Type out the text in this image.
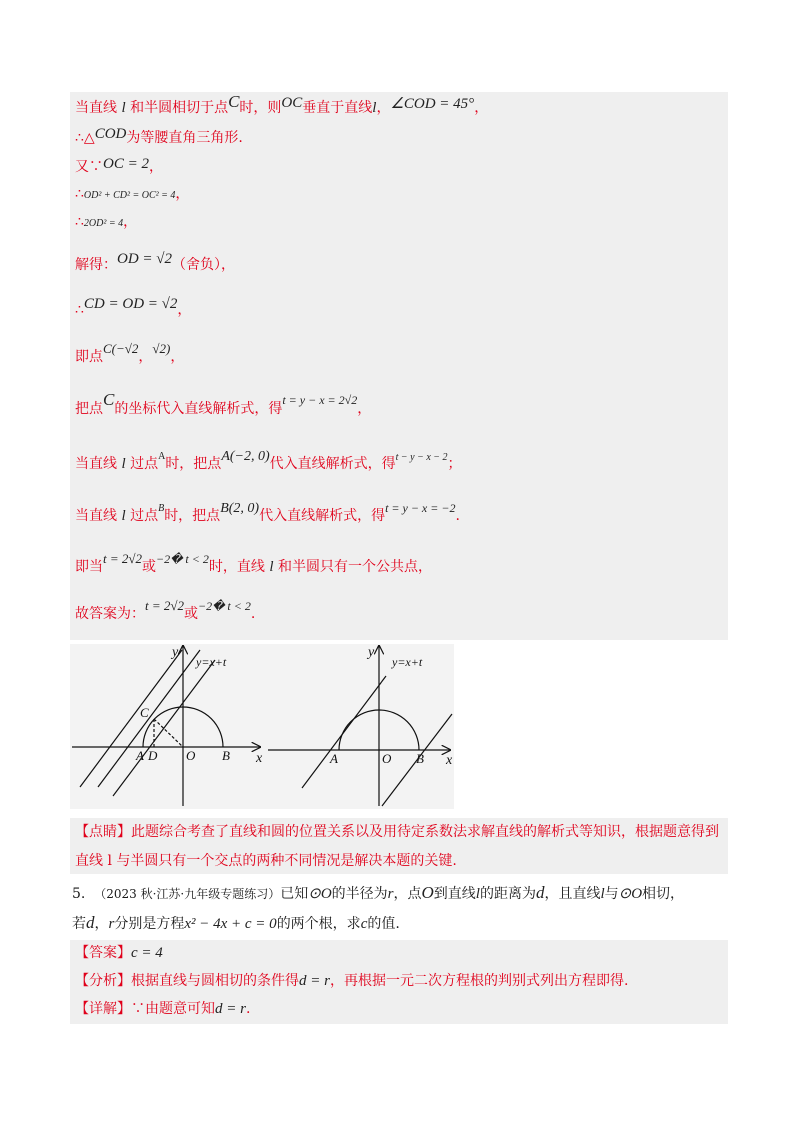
当直线 l 和半圆相切于点C时，则OC垂直于直线l，∠COD = 45°，
∴△COD为等腰直角三角形.
又∵OC = 2，
∴OD² + CD² = OC² = 4，
∴2OD² = 4，
解得：OD = √2（舍负），
∴CD = OD = √2，
即点C(−√2，√2)，
把点C的坐标代入直线解析式，得t = y − x = 2√2，
当直线 l 过点$^A$时，把点A(−2, 0)代入直线解析式，得$^{t - y - x - 2}$；
当直线 l 过点$^B$时，把点B(2, 0)代入直线解析式，得t = y − x = −2.
即当t = 2√2或−2� t < 2时，直线 l 和半圆只有一个公共点，
故答案为：t = 2√2或−2� t < 2.
y
x
y=x+t
A D O B
C
y
x
y=x+t
A	O B
【点睛】此题综合考查了直线和圆的位置关系以及用待定系数法求解直线的解析式等知识，根据题意得到
直线 l 与半圆只有一个交点的两种不同情况是解决本题的关键.
5. （2023 秋·江苏·九年级专题练习）已知⊙O的半径为r，点O到直线l的距离为d，且直线l与⊙O相切，
若d，r分别是方程x² − 4x + c = 0的两个根，求c的值.
【答案】c = 4
【分析】根据直线与圆相切的条件得d = r，再根据一元二次方程根的判别式列出方程即得.
【详解】∵由题意可知d = r.
